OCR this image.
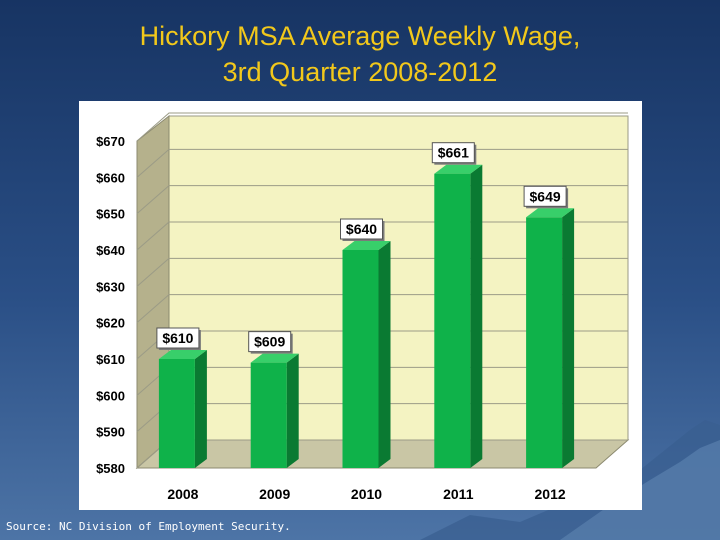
Hickory MSA Average Weekly Wage,
3rd Quarter 2008-2012
$580
$590
$600
$610
$620
$630
$640
$650
$660
$670
2008	2009	2010	2011	2012
$610	$609
$640
$661
$649
Source: NC Division of Employment Security.
